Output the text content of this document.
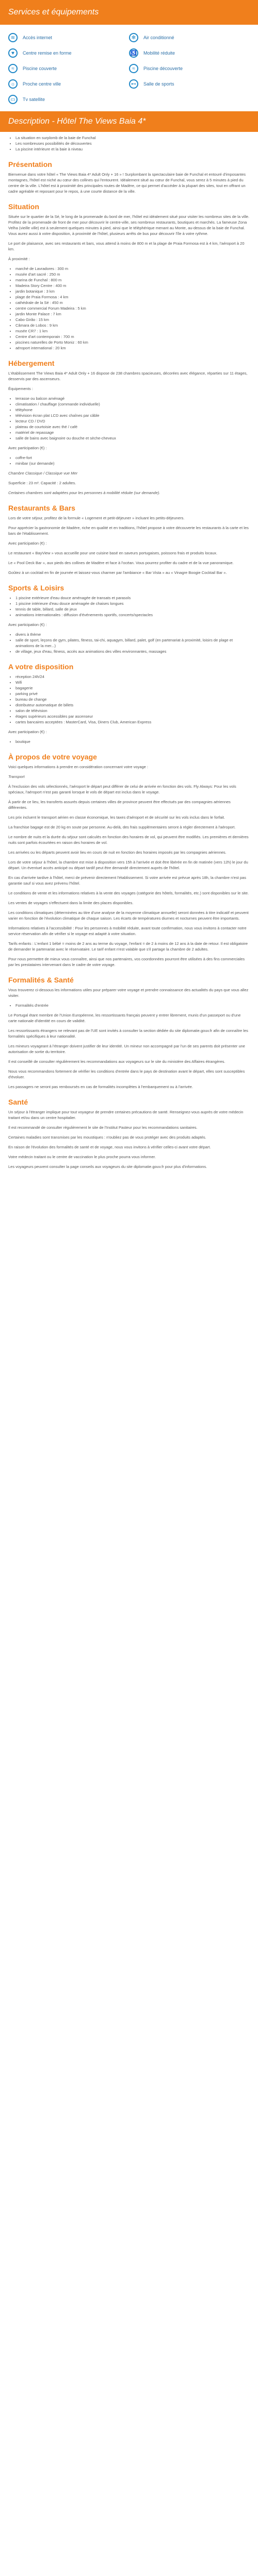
Services et équipements
≋	Accès internet	✻	Air conditionné
♥	Centre remise en forme	♿	Mobilité réduite
≈	Piscine couverte	≈	Piscine découverte
☼	Proche centre ville	⊷	Salle de sports
▭	Tv satellite
Description - Hôtel The Views Baia 4*
• La situation en surplomb de la baie de Funchal
• Les nombreuses possibilités de découvertes
• La piscine intérieure et la baie à niveau
Présentation

Bienvenue dans votre hôtel « The Views Baia 4* Adult Only + 16 » ! Surplombant la spectaculaire baie de Funchal et entouré d'imposantes montagnes, l'hôtel est niché au cœur des collines qui l'entourent. Idéalement situé au cœur de Funchal, vous serez à 5 minutes à pied du centre de la ville. L'hôtel est à proximité des principales routes de Madère, ce qui permet d'accéder à la plupart des sites, tout en offrant un cadre agréable et reposant pour le repos, à une courte distance de la ville.

Situation

Située sur le quartier de la Sé, le long de la promenade du bord de mer, l'hôtel est idéalement situé pour visiter les nombreux sites de la ville. Profitez de la promenade de front de mer pour découvrir le centre-ville, ses nombreux restaurants, boutiques et marchés. La fameuse Zona Velha (vieille ville) est à seulement quelques minutes à pied, ainsi que le téléphérique menant au Monte, au-dessus de la baie de Funchal. Vous aurez aussi à votre disposition, à proximité de l'hôtel, plusieurs arrêts de bus pour découvrir l'île à votre rythme.

Le port de plaisance, avec ses restaurants et bars, vous attend à moins de 800 m et la plage de Praia Formosa est à 4 km, l'aéroport à 20 km.

À proximité :

• marché de Lavradores : 300 m
• musée d'art sacré : 250 m
• marina de Funchal : 800 m
• Madeira Story Centre : 400 m
• jardin botanique : 3 km
• plage de Praia Formosa : 4 km
• cathédrale de la Sé : 450 m
• centre commercial Forum Madeira : 5 km
• jardin Monte Palace : 7 km
• Cabo Girão : 15 km
• Câmara de Lobos : 9 km
• musée CR7 : 1 km
• Centre d'art contemporain : 700 m
• piscines naturelles de Porto Moniz : 60 km
• aéroport international : 20 km
Hébergement

L'établissement The Views Baia 4* Adult Only + 16 dispose de 238 chambres spacieuses, décorées avec élégance, réparties sur 11 étages, desservis par des ascenseurs.

Équipements :

• terrasse ou balcon aménagé
• climatisation / chauffage (commande individuelle)
• téléphone
• télévision écran plat LCD avec chaînes par câble
• lecteur CD / DVD
• plateau de courtoisie avec thé / café
• matériel de repassage
• salle de bains avec baignoire ou douche et sèche-cheveux

Avec participation (€) :

• coffre-fort
• minibar (sur demande)

Chambre Classique / Classique vue Mer

Superficie : 23 m². Capacité : 2 adultes.

Certaines chambres sont adaptées pour les personnes à mobilité réduite (sur demande).

Restaurants & Bars

Lors de votre séjour, profitez de la formule « Logement et petit-déjeuner » incluant les petits-déjeuners.

Pour apprécier la gastronomie de Madère, riche en qualité et en traditions, l'hôtel propose à votre découverte les restaurants à la carte et les bars de l'établissement.

Avec participation (€) :

Le restaurant « BayView » vous accueille pour une cuisine basé en saveurs portugaises, poissons frais et produits locaux.

Le « Pool Deck Bar », aux pieds des collines de Madère et face à l'océan. Vous pourrez profiter du cadre et de la vue panoramique.

Goûtez à un cocktail en fin de journée et laissez-vous charmer par l'ambiance « Bar Vista » au « Vinagre Boogie Cocktail Bar ».

Sports & Loisirs
• 1 piscine extérieure d'eau douce aménagée de transats et parasols
• 1 piscine intérieure d'eau douce aménagée de chaises longues
• tennis de table, billard, salle de jeux
• animations internationales : diffusion d'événements sportifs, concerts/spectacles

Avec participation (€) :

• divers à thème
• salle de sport, leçons de gym, pilates, fitness, tai-chi, aquagym, billard, palet, golf (en partenariat à proximité, loisirs de plage et animations de la mer...)
• de village, jeux d'eau, fitness, accès aux animations des villes environnantes, massages
A votre disposition
• réception 24h/24
• Wifi
• bagagerie
• parking privé
• bureau de change
• distributeur automatique de billets
• salon de télévision
• étages supérieurs accessibles par ascenseur
• cartes bancaires acceptées : MasterCard, Visa, Diners Club, American Express

Avec participation (€) :

• boutique
À propos de votre voyage

Voici quelques informations à prendre en considération concernant votre voyage :

Transport

À l'exclusion des vols sélectionnés, l'aéroport le départ peut différer de celui de arrivée en fonction des vols. Fly Always: Pour les vols spéciaux, l'aéroport n'est pas garanti lorsque le vols de départ est inclus dans le voyage.

À partir de ce lieu, les transferts assurés depuis certaines villes de province peuvent être effectués par des compagnies aériennes différentes.

Les prix incluent le transport aérien en classe économique, les taxes d'aéroport et de sécurité sur les vols inclus dans le forfait.

La franchise bagage est de 20 kg en soute par personne. Au-delà, des frais supplémentaires seront à régler directement à l'aéroport.

Le nombre de nuits et la durée du séjour sont calculés en fonction des horaires de vol, qui peuvent être modifiés. Les premières et dernières nuits sont parfois écourtées en raison des horaires de vol.

Les arrivées ou les départs peuvent avoir lieu en cours de nuit en fonction des horaires imposés par les compagnies aériennes.

Lors de votre séjour à l'hôtel, la chambre est mise à disposition vers 15h à l'arrivée et doit être libérée en fin de matinée (vers 12h) le jour du départ. Un éventuel accès anticipé ou départ tardif peut être demandé directement auprès de l'hôtel.

En cas d'arrivée tardive à l'hôtel, merci de prévenir directement l'établissement. Si votre arrivée est prévue après 18h, la chambre n'est pas garantie sauf si vous avez prévenu l'hôtel.

Le conditions de vente et les informations relatives à la vente des voyages (catégorie des hôtels, formalités, etc.) sont disponibles sur le site.

Les ventes de voyages s'effectuent dans la limite des places disponibles.

Les conditions climatiques (déterminées au titre d'une analyse de la moyenne climatique annuelle) seront données à titre indicatif et peuvent varier en fonction de l'évolution climatique de chaque saison. Les écarts de températures diurnes et nocturnes peuvent être importants.

Informations relatives à l'accessibilité : Pour les personnes à mobilité réduite, avant toute confirmation, nous vous invitons à contacter notre service réservation afin de vérifier si le voyage est adapté à votre situation.

Tarifs enfants : L'enfant 1 bébé = moins de 2 ans au terme du voyage, l'enfant = de 2 à moins de 12 ans à la date de retour. Il est obligatoire de demander le partenariat avec le réservataire. Le tarif enfant n'est valable que s'il partage la chambre de 2 adultes.

Pour nous permettre de mieux vous connaître, ainsi que nos partenaires, vos coordonnées pourront être utilisées à des fins commerciales par les prestataires intervenant dans le cadre de votre voyage.

Formalités & Santé

Vous trouverez ci-dessous les informations utiles pour préparer votre voyage et prendre connaissance des actualités du pays que vous allez visiter.

• Formalités d'entrée

Le Portugal étant membre de l'Union Européenne, les ressortissants français peuvent y entrer librement, munis d'un passeport ou d'une carte nationale d'identité en cours de validité.

Les ressortissants étrangers ne relevant pas de l'UE sont invités à consulter la section dédiée du site diplomatie.gouv.fr afin de connaître les formalités spécifiques à leur nationalité.

Les mineurs voyageant à l'étranger doivent justifier de leur identité. Un mineur non accompagné par l'un de ses parents doit présenter une autorisation de sortie du territoire.

Il est conseillé de consulter régulièrement les recommandations aux voyageurs sur le site du ministère des Affaires étrangères.

Nous vous recommandons fortement de vérifier les conditions d'entrée dans le pays de destination avant le départ, elles sont susceptibles d'évoluer.

Les passagers ne seront pas remboursés en cas de formalités incomplètes à l'embarquement ou à l'arrivée.

Santé

Un séjour à l'étranger implique pour tout voyageur de prendre certaines précautions de santé. Renseignez-vous auprès de votre médecin traitant et/ou dans un centre hospitalier.

Il est recommandé de consulter régulièrement le site de l'Institut Pasteur pour les recommandations sanitaires.

Certaines maladies sont transmises par les moustiques : n'oubliez pas de vous protéger avec des produits adaptés.

En raison de l'évolution des formalités de santé et de voyage, nous vous invitons à vérifier celles-ci avant votre départ.

Votre médecin traitant ou le centre de vaccination le plus proche pourra vous informer.

Les voyageurs peuvent consulter la page conseils aux voyageurs du site diplomatie.gouv.fr pour plus d'informations.
